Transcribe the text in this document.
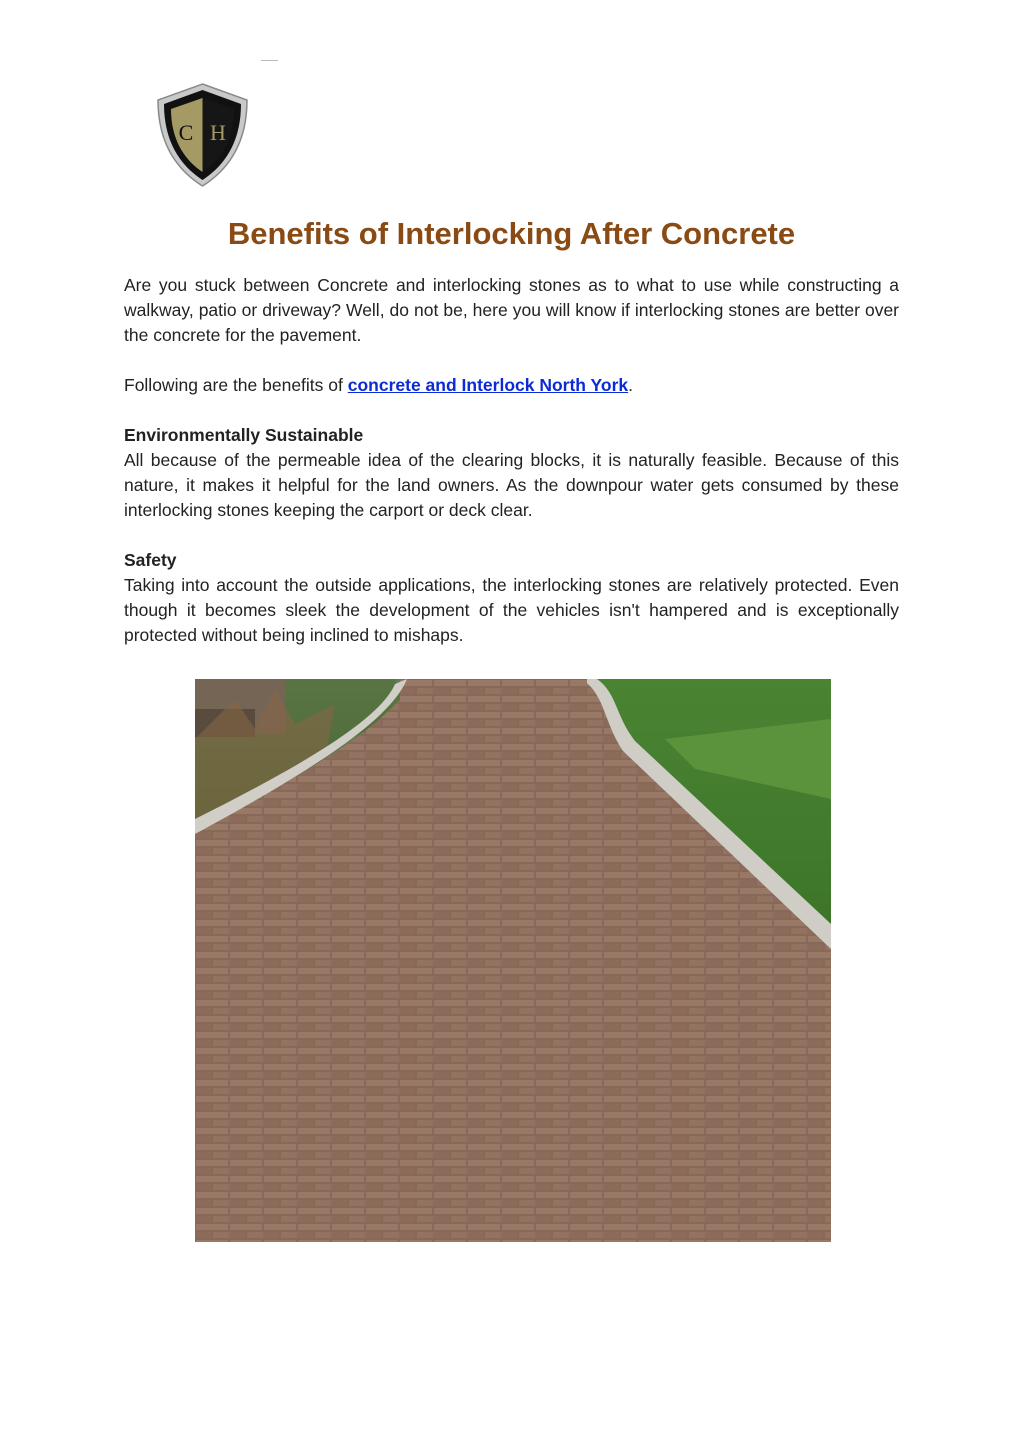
C H
Benefits of Interlocking After Concrete

Are you stuck between Concrete and interlocking stones as to what to use while constructing a walkway, patio or driveway? Well, do not be, here you will know if interlocking stones are better over the concrete for the pavement.

Following are the benefits of concrete and Interlock North York.

Environmentally Sustainable

All because of the permeable idea of the clearing blocks, it is naturally feasible. Because of this nature, it makes it helpful for the land owners. As the downpour water gets consumed by these interlocking stones keeping the carport or deck clear.

Safety

Taking into account the outside applications, the interlocking stones are relatively protected. Even though it becomes sleek the development of the vehicles isn't hampered and is exceptionally protected without being inclined to mishaps.
